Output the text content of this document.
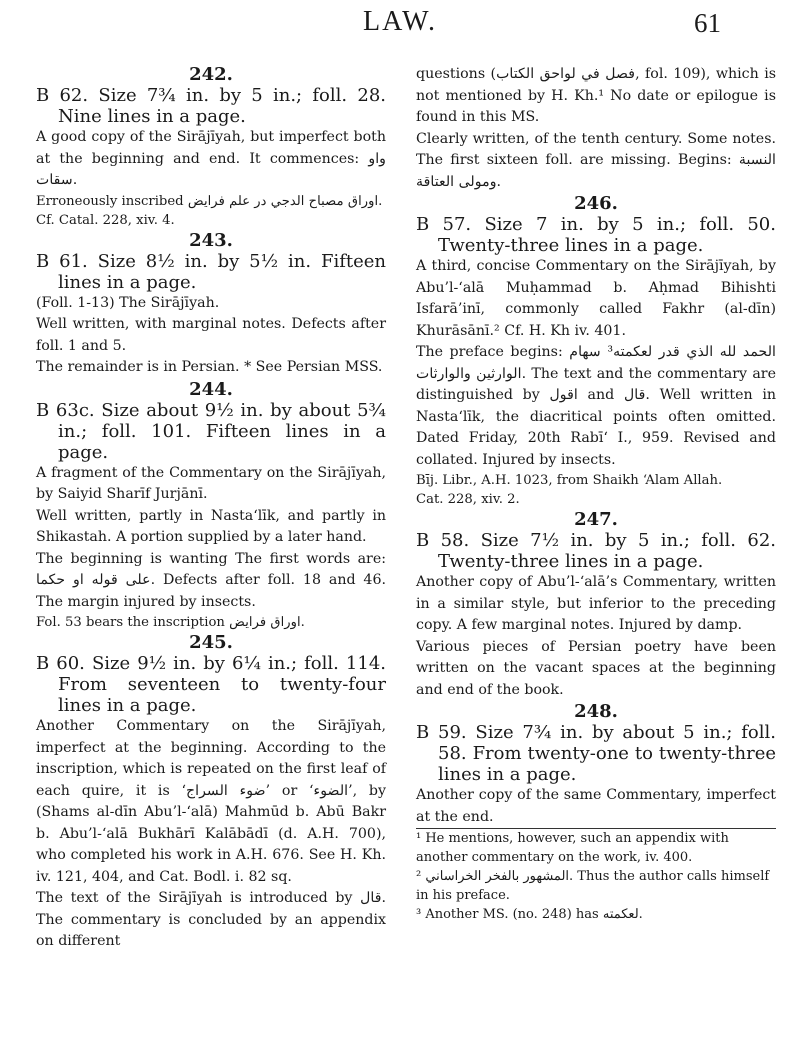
LAW.	61
242.
B 62. Size 7¾ in. by 5 in.; foll. 28. Nine lines in a page.

A good copy of the Sirājīyah, but imperfect both at the beginning and end. It commences: واو سقات.

Erroneously inscribed اوراق مصباح الدجي در علم فرایض.

Cf. Catal. 228, xiv. 4.

243.
B 61. Size 8½ in. by 5½ in. Fifteen lines in a page.

(Foll. 1-13) The Sirājīyah.

Well written, with marginal notes. Defects after foll. 1 and 5.

The remainder is in Persian. * See Persian MSS.

244.
B 63c. Size about 9½ in. by about 5¾ in.; foll. 101. Fifteen lines in a page.

A fragment of the Commentary on the Sirājīyah, by Saiyid Sharīf Jurjānī.

Well written, partly in Nasta‘līk, and partly in Shikastah. A portion supplied by a later hand.

The beginning is wanting The first words are: على قوله او حكما. Defects after foll. 18 and 46. The margin injured by insects.

Fol. 53 bears the inscription اوراق فرایض.

245.
B 60. Size 9½ in. by 6¼ in.; foll. 114. From seventeen to twenty-four lines in a page.

Another Commentary on the Sirājīyah, imperfect at the beginning. According to the inscription, which is repeated on the first leaf of each quire, it is ‘ضوء السراج’ or ‘الضوء’, by (Shams al-dīn Abu’l-‘alā) Mahmūd b. Abū Bakr b. Abu’l-‘alā Bukhārī Kalābādī (d. A.H. 700), who completed his work in A.H. 676. See H. Kh. iv. 121, 404, and Cat. Bodl. i. 82 sq.

The text of the Sirājīyah is introduced by قال. The commentary is concluded by an appendix on different

questions (فصل في لواحق الكتاب, fol. 109), which is not mentioned by H. Kh.¹ No date or epilogue is found in this MS.

Clearly written, of the tenth century. Some notes. The first sixteen foll. are missing. Begins: النسبة ومولى العتاقة.

246.
B 57. Size 7 in. by 5 in.; foll. 50. Twenty-three lines in a page.

A third, concise Commentary on the Sirājīyah, by Abu’l-‘alā Muḥammad b. Aḥmad Bihishti Isfarā’inī, commonly called Fakhr (al-dīn) Khurāsānī.² Cf. H. Kh iv. 401.

The preface begins: الحمد لله الذي قدر لعكمته³ سهام الوارثين والوارثات. The text and the commentary are distinguished by اقول and قال. Well written in Nasta‘līk, the diacritical points often omitted. Dated Friday, 20th Rabī‘ I., 959. Revised and collated. Injured by insects.

Bīj. Libr., A.H. 1023, from Shaikh ‘Alam Allah.

Cat. 228, xiv. 2.

247.
B 58. Size 7½ in. by 5 in.; foll. 62. Twenty-three lines in a page.

Another copy of Abu’l-‘alā’s Commentary, written in a similar style, but inferior to the preceding copy. A few marginal notes. Injured by damp.

Various pieces of Persian poetry have been written on the vacant spaces at the beginning and end of the book.

248.
B 59. Size 7¾ in. by about 5 in.; foll. 58. From twenty-one to twenty-three lines in a page.

Another copy of the same Commentary, imperfect at the end.

¹ He mentions, however, such an appendix with another commentary on the work, iv. 400.

² المشهور بالفخر الخراساني. Thus the author calls himself in his preface.

³ Another MS. (no. 248) has لعكمته.
